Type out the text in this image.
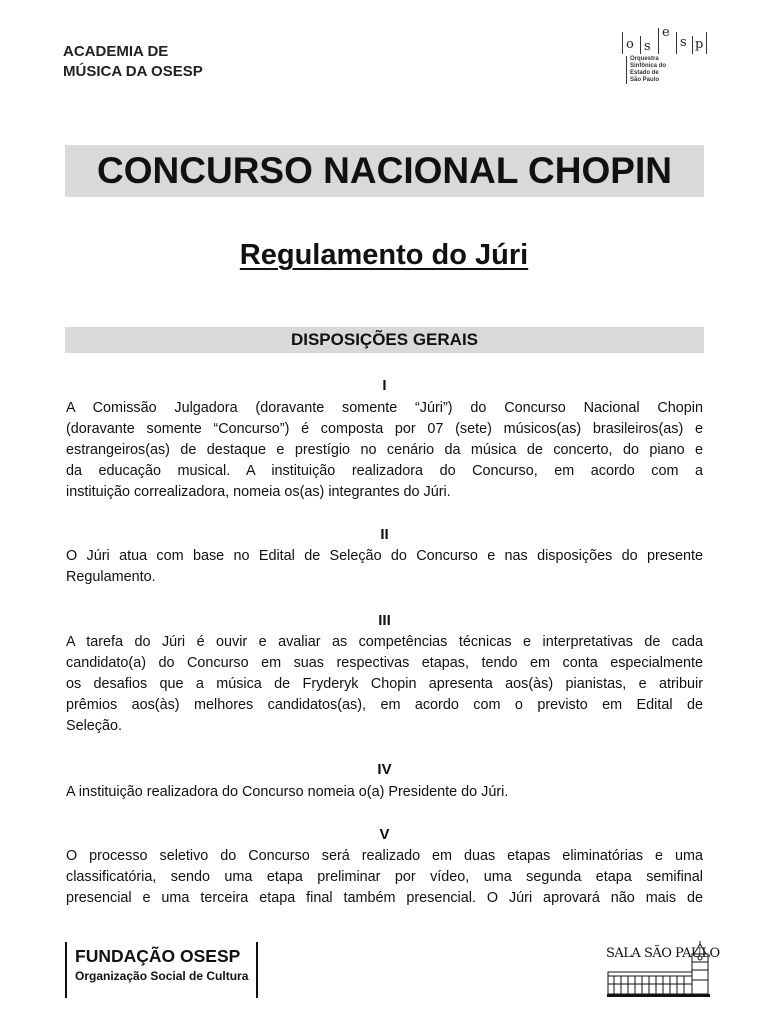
ACADEMIA DE
MÚSICA DA OSESP
o s
e
s p
Orquestra
Sinfônica do
Estado de
São Paulo
CONCURSO NACIONAL CHOPIN
Regulamento do Júri
DISPOSIÇÕES GERAIS
I
A Comissão Julgadora (doravante somente “Júri”) do Concurso Nacional Chopin
(doravante somente “Concurso”) é composta por 07 (sete) músicos(as) brasileiros(as) e
estrangeiros(as) de destaque e prestígio no cenário da música de concerto, do piano e
da educação musical. A instituição realizadora do Concurso, em acordo com a
instituição correalizadora, nomeia os(as) integrantes do Júri.
II
O Júri atua com base no Edital de Seleção do Concurso e nas disposições do presente
Regulamento.
III
A tarefa do Júri é ouvir e avaliar as competências técnicas e interpretativas de cada
candidato(a) do Concurso em suas respectivas etapas, tendo em conta especialmente
os desafios que a música de Fryderyk Chopin apresenta aos(às) pianistas, e atribuir
prêmios aos(às) melhores candidatos(as), em acordo com o previsto em Edital de
Seleção.
IV
A instituição realizadora do Concurso nomeia o(a) Presidente do Júri.
V
O processo seletivo do Concurso será realizado em duas etapas eliminatórias e uma
classificatória, sendo uma etapa preliminar por vídeo, uma segunda etapa semifinal
presencial e uma terceira etapa final também presencial. O Júri aprovará não mais de
FUNDAÇÃO OSESP
Organização Social de Cultura
SALA SÃO PAULO
